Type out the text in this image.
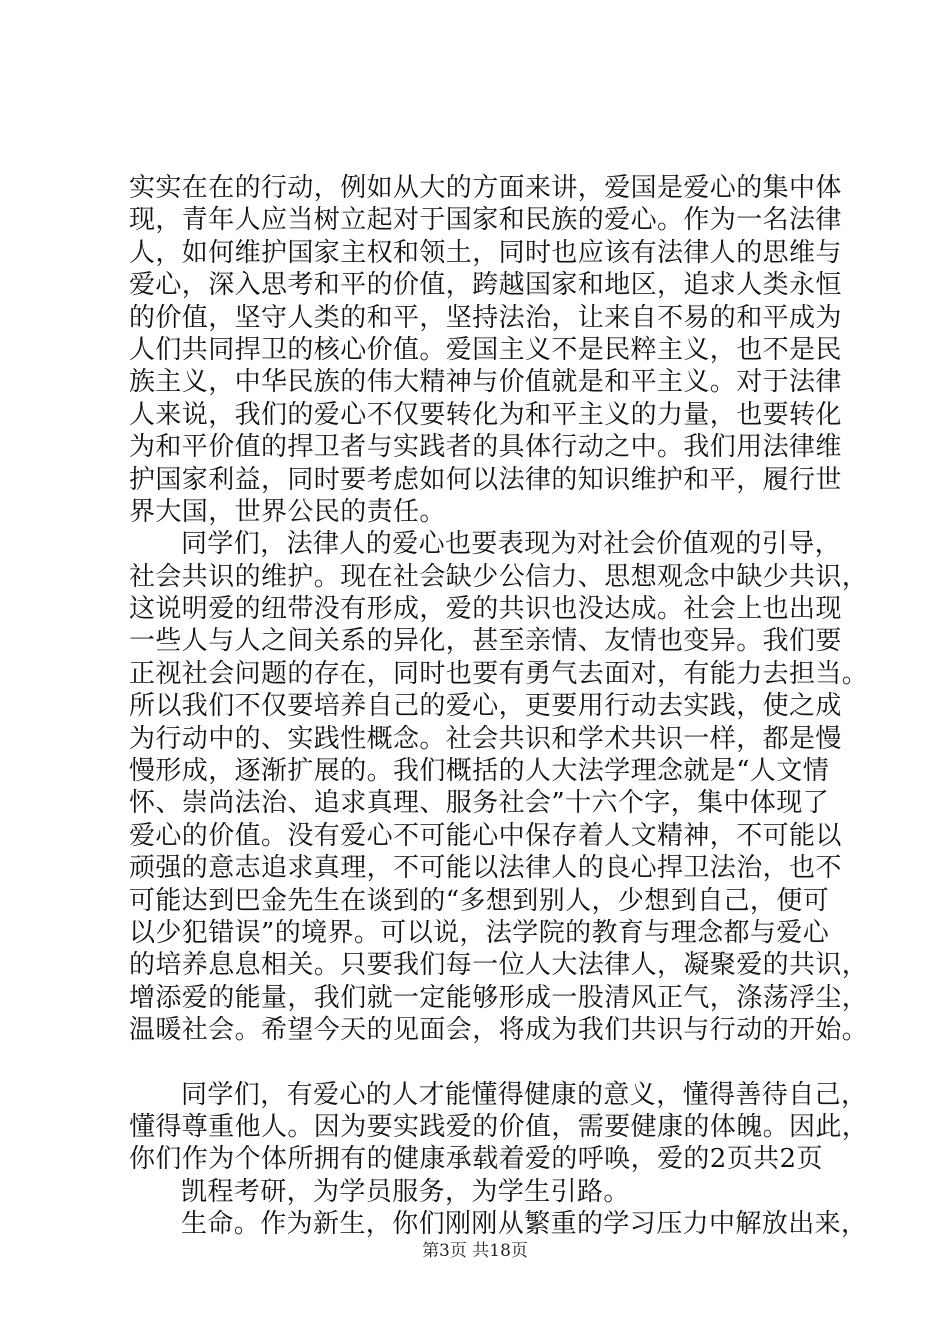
实实在在的行动，例如从大的方面来讲，爱国是爱心的集中体
现，青年人应当树立起对于国家和民族的爱心。作为一名法律
人，如何维护国家主权和领土，同时也应该有法律人的思维与
爱心，深入思考和平的价值，跨越国家和地区，追求人类永恒
的价值，坚守人类的和平，坚持法治，让来自不易的和平成为
人们共同捍卫的核心价值。爱国主义不是民粹主义，也不是民
族主义，中华民族的伟大精神与价值就是和平主义。对于法律
人来说，我们的爱心不仅要转化为和平主义的力量，也要转化
为和平价值的捍卫者与实践者的具体行动之中。我们用法律维
护国家利益，同时要考虑如何以法律的知识维护和平，履行世
界大国，世界公民的责任。
同学们，法律人的爱心也要表现为对社会价值观的引导，
社会共识的维护。现在社会缺少公信力、思想观念中缺少共识，
这说明爱的纽带没有形成，爱的共识也没达成。社会上也出现
一些人与人之间关系的异化，甚至亲情、友情也变异。我们要
正视社会问题的存在，同时也要有勇气去面对，有能力去担当。
所以我们不仅要培养自己的爱心，更要用行动去实践，使之成
为行动中的、实践性概念。社会共识和学术共识一样，都是慢
慢形成，逐渐扩展的。我们概括的人大法学理念就是“人文情
怀、崇尚法治、追求真理、服务社会”十六个字，集中体现了
爱心的价值。没有爱心不可能心中保存着人文精神，不可能以
顽强的意志追求真理，不可能以法律人的良心捍卫法治，也不
可能达到巴金先生在谈到的“多想到别人，少想到自己，便可
以少犯错误”的境界。可以说，法学院的教育与理念都与爱心
的培养息息相关。只要我们每一位人大法律人，凝聚爱的共识，
增添爱的能量，我们就一定能够形成一股清风正气，涤荡浮尘，
温暖社会。希望今天的见面会，将成为我们共识与行动的开始。
同学们，有爱心的人才能懂得健康的意义，懂得善待自己，
懂得尊重他人。因为要实践爱的价值，需要健康的体魄。因此，
你们作为个体所拥有的健康承载着爱的呼唤，爱的2页共2页
凯程考研，为学员服务，为学生引路。
生命。作为新生，你们刚刚从繁重的学习压力中解放出来，
第3页 共18页
